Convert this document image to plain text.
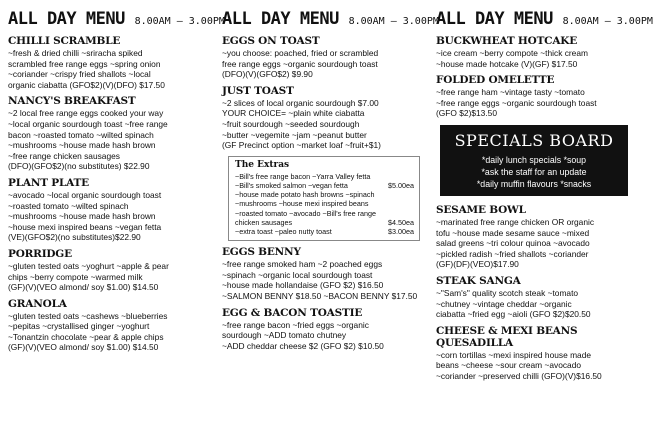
ALL DAY MENU 8.00AM – 3.00PM
CHILLI SCRAMBLE
~fresh & dried chilli ~sriracha spiked
scrambled free range eggs ~spring onion
~coriander ~crispy fried shallots ~local
organic ciabatta (GFO$2)(V)(DFO) $17.50
NANCY'S BREAKFAST
~2 local free range eggs cooked your way
~local organic sourdough toast ~free range
bacon ~roasted tomato ~wilted spinach
~mushrooms ~house made hash brown
~free range chicken sausages
(DFO)(GFO$2)(no substitutes) $22.90
PLANT PLATE
~avocado ~local organic sourdough toast
~roasted tomato ~wilted spinach
~mushrooms ~house made hash brown
~house mexi inspired beans ~vegan fetta
(VE)(GFO$2)(no substitutes)$22.90
PORRIDGE
~gluten tested oats ~yoghurt ~apple & pear
chips ~berry compote ~warmed milk
(GF)(V)(VEO almond/ soy $1.00) $14.50
GRANOLA
~gluten tested oats ~cashews ~blueberries
~pepitas ~crystallised ginger ~yoghurt
~Tonantzin chocolate ~pear & apple chips
(GF)(V)(VEO almond/ soy $1.00) $14.50
ALL DAY MENU 8.00AM – 3.00PM
EGGS ON TOAST
~you choose: poached, fried or scrambled
free range eggs ~organic sourdough toast
(DFO)(V)(GFO$2) $9.90
JUST TOAST
~2 slices of local organic sourdough $7.00
YOUR CHOICE= ~plain white ciabatta
~fruit sourdough ~seeded sourdough
~butter ~vegemite ~jam ~peanut butter
(GF Precinct option ~market loaf ~fruit+$1)
The Extras
~Bill's free range bacon ~Yarra Valley fetta
~Bill's smoked salmon ~vegan fetta	$5.00ea
~house made potato hash browns ~spinach
~mushrooms ~house mexi inspired beans
~roasted tomato ~avocado ~Bill's free range
chicken sausages	$4.50ea
~extra toast ~paleo nutty toast	$3.00ea
EGGS BENNY
~free range smoked ham ~2 poached eggs
~spinach ~organic local sourdough toast
~house made hollandaise (GFO $2) $16.50
~SALMON BENNY $18.50 ~BACON BENNY $17.50
EGG & BACON TOASTIE
~free range bacon ~fried eggs ~organic
sourdough ~ADD tomato chutney
~ADD cheddar cheese $2 (GFO $2) $10.50
ALL DAY MENU 8.00AM – 3.00PM
BUCKWHEAT HOTCAKE
~ice cream ~berry compote ~thick cream
~house made hotcake (V)(GF) $17.50
FOLDED OMELETTE
~free range ham ~vintage tasty ~tomato
~free range eggs ~organic sourdough toast
(GFO $2)$13.50
SPECIALS BOARD
*daily lunch specials *soup
*ask the staff for an update
*daily muffin flavours *snacks
SESAME BOWL
~marinated free range chicken OR organic
tofu ~house made sesame sauce ~mixed
salad greens ~tri colour quinoa ~avocado
~pickled radish ~fried shallots ~coriander
(GF)(DF)(VEO)$17.90
STEAK SANGA
~"Sam's" quality scotch steak ~tomato
~chutney ~vintage cheddar ~organic
ciabatta ~fried egg ~aioli (GFO $2)$20.50
CHEESE & MEXI BEANS QUESADILLA
~corn tortillas ~mexi inspired house made
beans ~cheese ~sour cream ~avocado
~coriander ~preserved chilli (GFO)(V)$16.50
